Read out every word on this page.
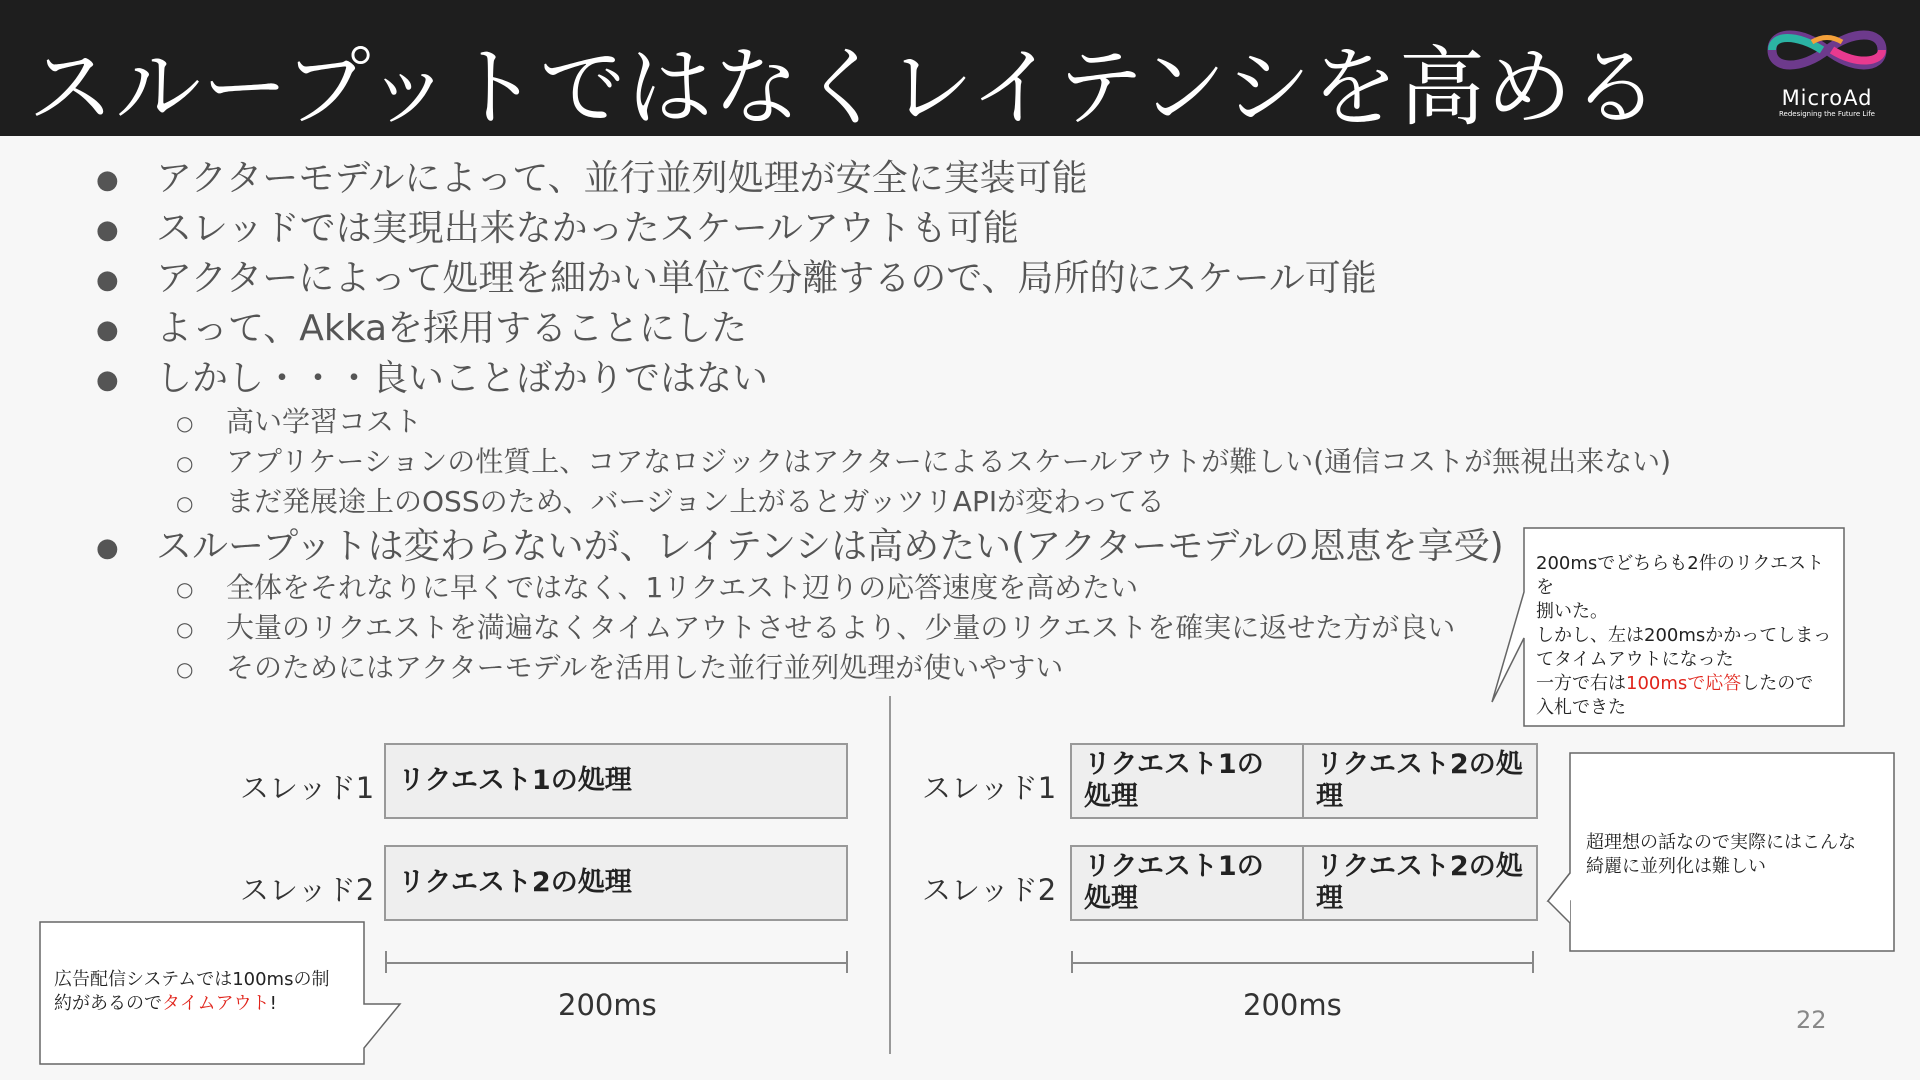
スループットではなくレイテンシを高める	MicroAd
Redesigning the Future Life
● アクターモデルによって、並行並列処理が安全に実装可能
● スレッドでは実現出来なかったスケールアウトも可能
● アクターによって処理を細かい単位で分離するので、局所的にスケール可能
● よって、Akkaを採用することにした
● しかし・・・良いことばかりではない
○ 高い学習コスト
○ アプリケーションの性質上、コアなロジックはアクターによるスケールアウトが難しい(通信コストが無視出来ない)
○ まだ発展途上のOSSのため、バージョン上がるとガッツリAPIが変わってる
● スループットは変わらないが、レイテンシは高めたい(アクターモデルの恩恵を享受)
○ 全体をそれなりに早くではなく、1リクエスト辺りの応答速度を高めたい
○ 大量のリクエストを満遍なくタイムアウトさせるより、少量のリクエストを確実に返せた方が良い
○ そのためにはアクターモデルを活用した並行並列処理が使いやすい
スレッド1 リクエスト1の処理
スレッド2 リクエスト2の処理
200ms
スレッド1
リクエスト1の処理
リクエスト2の処理
スレッド2
リクエスト1の処理
リクエスト2の処理
200ms
200msでどちらも2件のリクエストを
捌いた。
しかし、左は200msかかってしまっ
てタイムアウトになった
一方で右は100msで応答したので
入札できた
超理想の話なので実際にはこんな
綺麗に並列化は難しい
広告配信システムでは100msの制
約があるのでタイムアウト!
22
